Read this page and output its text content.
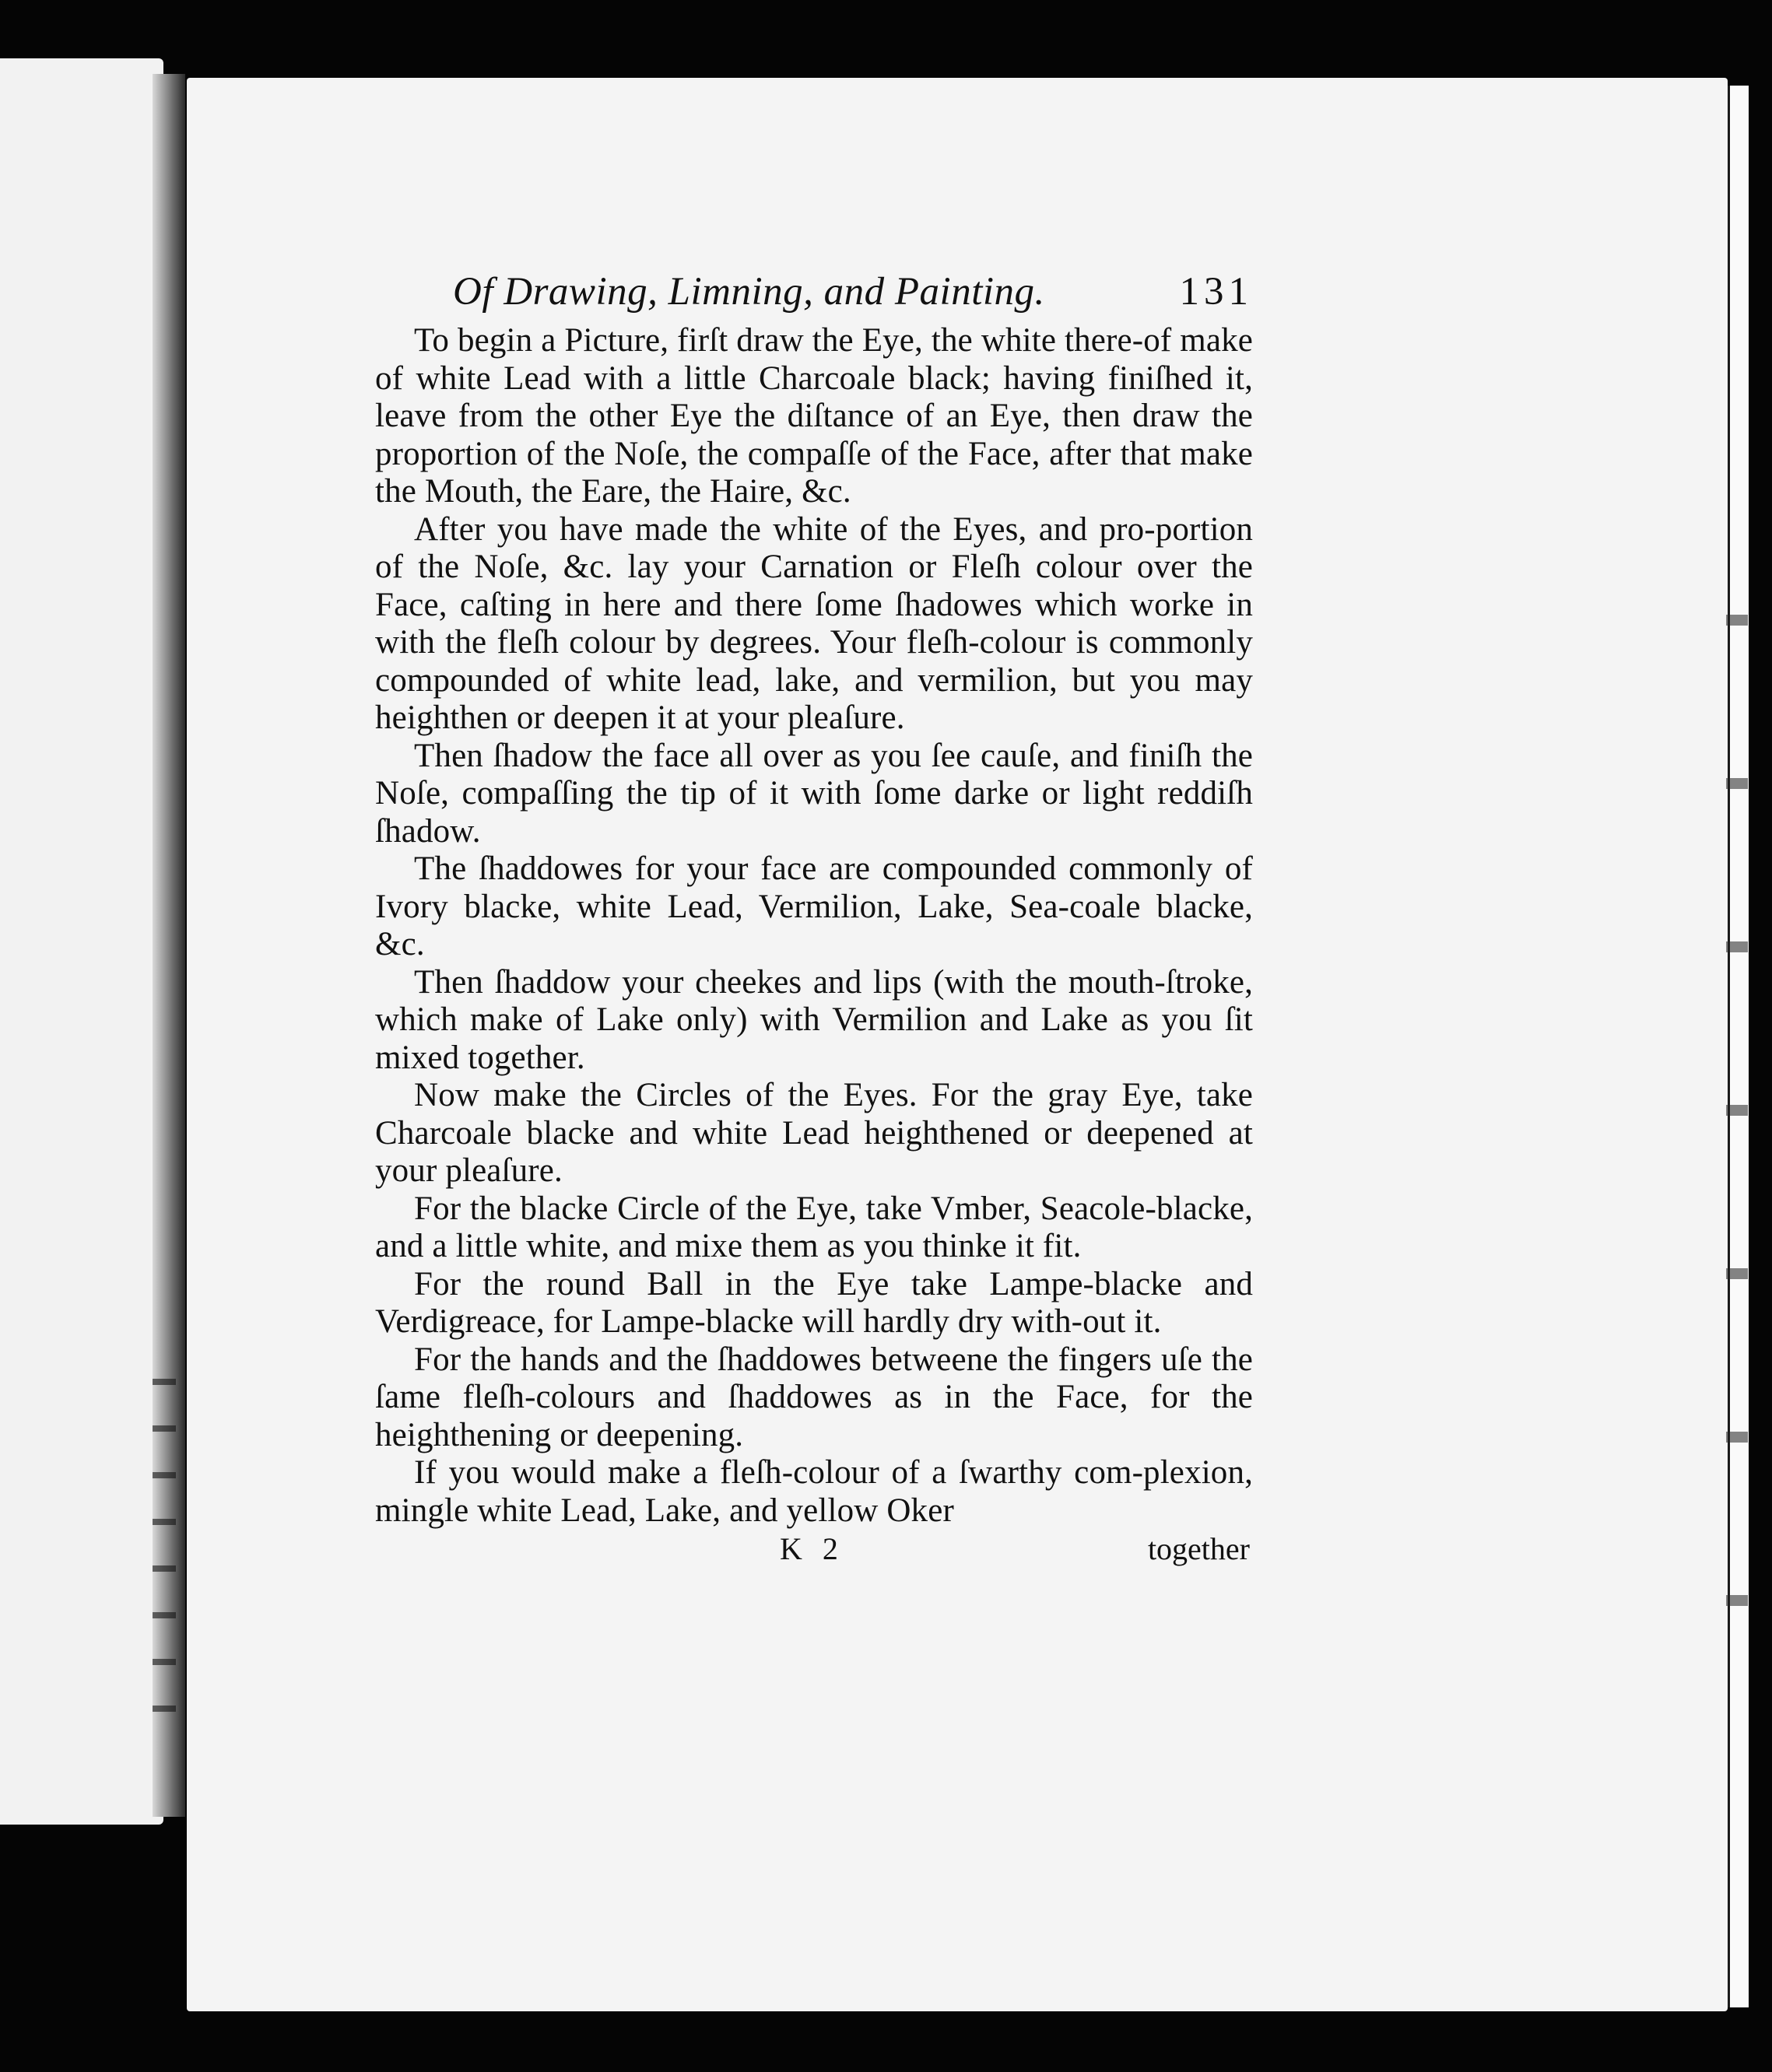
Of Drawing, Limning, and Painting.	131

To begin a Picture, firſt draw the Eye, the white there-of make of white Lead with a little Charcoale black; having finiſhed it, leave from the other Eye the diſtance of an Eye, then draw the proportion of the Noſe, the compaſſe of the Face, after that make the Mouth, the Eare, the Haire, &c.

After you have made the white of the Eyes, and pro-portion of the Noſe, &c. lay your Carnation or Fleſh colour over the Face, caſting in here and there ſome ſhadowes which worke in with the fleſh colour by degrees. Your fleſh-colour is commonly compounded of white lead, lake, and vermilion, but you may heighthen or deepen it at your pleaſure.

Then ſhadow the face all over as you ſee cauſe, and finiſh the Noſe, compaſſing the tip of it with ſome darke or light reddiſh ſhadow.

The ſhaddowes for your face are compounded commonly of Ivory blacke, white Lead, Vermilion, Lake, Sea-coale blacke, &c.

Then ſhaddow your cheekes and lips (with the mouth-ſtroke, which make of Lake only) with Vermilion and Lake as you ſit mixed together.

Now make the Circles of the Eyes. For the gray Eye, take Charcoale blacke and white Lead heighthened or deepened at your pleaſure.

For the blacke Circle of the Eye, take Vmber, Seacole-blacke, and a little white, and mixe them as you thinke it fit.

For the round Ball in the Eye take Lampe-blacke and Verdigreace, for Lampe-blacke will hardly dry with-out it.

For the hands and the ſhaddowes betweene the fingers uſe the ſame fleſh-colours and ſhaddowes as in the Face, for the heighthening or deepening.

If you would make a fleſh-colour of a ſwarthy com-plexion, mingle white Lead, Lake, and yellow Oker

K 2	together
